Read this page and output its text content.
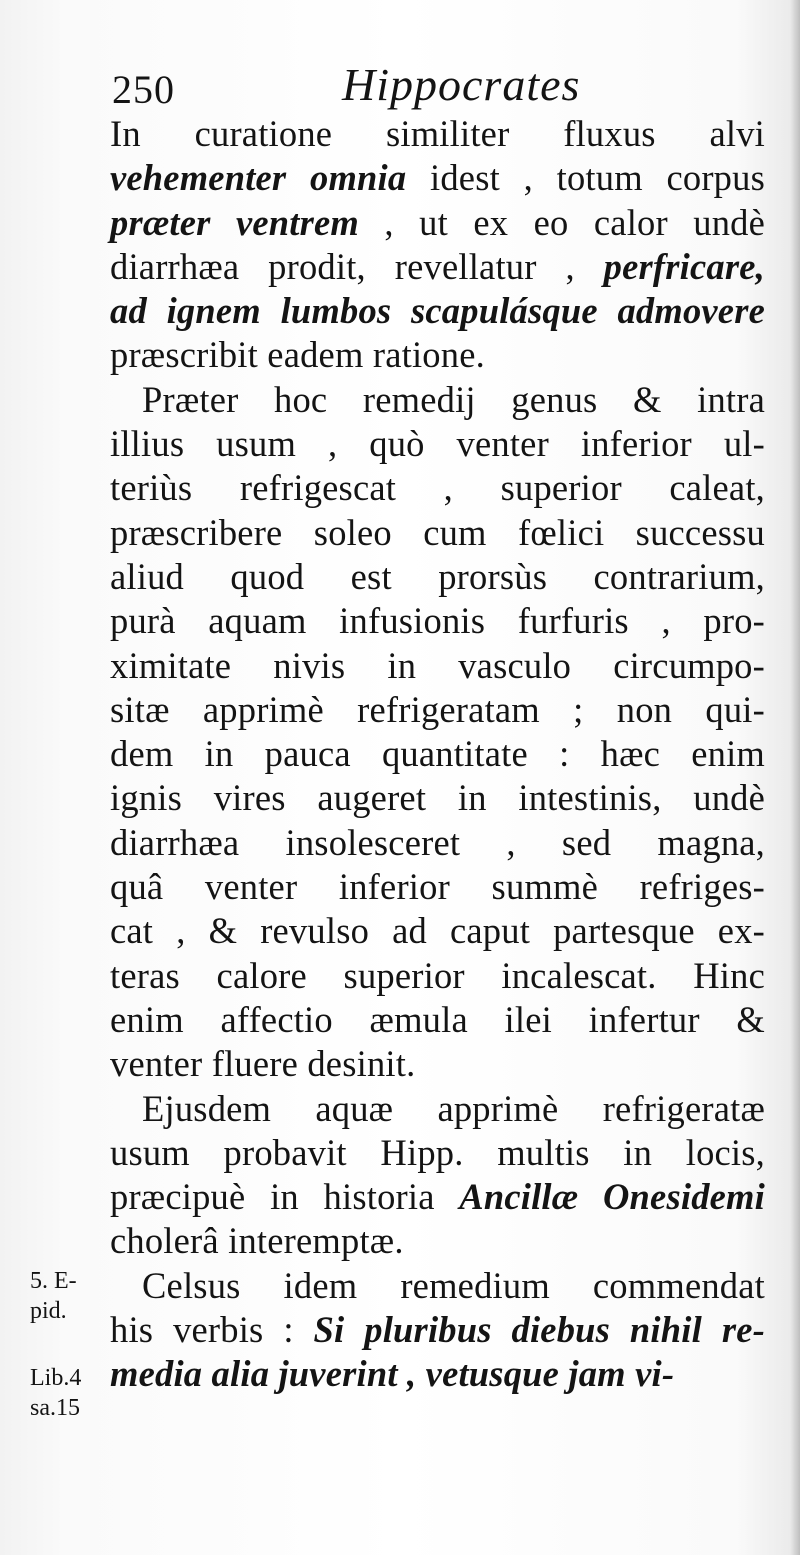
250	Hippocrates
In curatione similiter fluxus alvi
vehementer omnia idest , totum corpus
præter ventrem , ut ex eo calor undè
diarrhæa prodit, revellatur , perfricare,
ad ignem lumbos scapulásque admovere
præscribit eadem ratione.
Præter hoc remedij genus & intra
illius usum , quò venter inferior ul-
teriùs refrigescat , superior caleat,
præscribere soleo cum fœlici successu
aliud quod est prorsùs contrarium,
purà aquam infusionis furfuris , pro-
ximitate nivis in vasculo circumpo-
sitæ apprimè refrigeratam ; non qui-
dem in pauca quantitate : hæc enim
ignis vires augeret in intestinis, undè
diarrhæa insolesceret , sed magna,
quâ venter inferior summè refriges-
cat , & revulso ad caput partesque ex-
teras calore superior incalescat. Hinc
enim affectio æmula ilei infertur &
venter fluere desinit.
Ejusdem aquæ apprimè refrigeratæ
usum probavit Hipp. multis in locis,
præcipuè in historia Ancillæ Onesidemi
cholerâ interemptæ.
Celsus idem remedium commendat
his verbis : Si pluribus diebus nihil re-
media alia juverint , vetusque jam vi-
5. E-
pid.
Lib.4
sa.15
